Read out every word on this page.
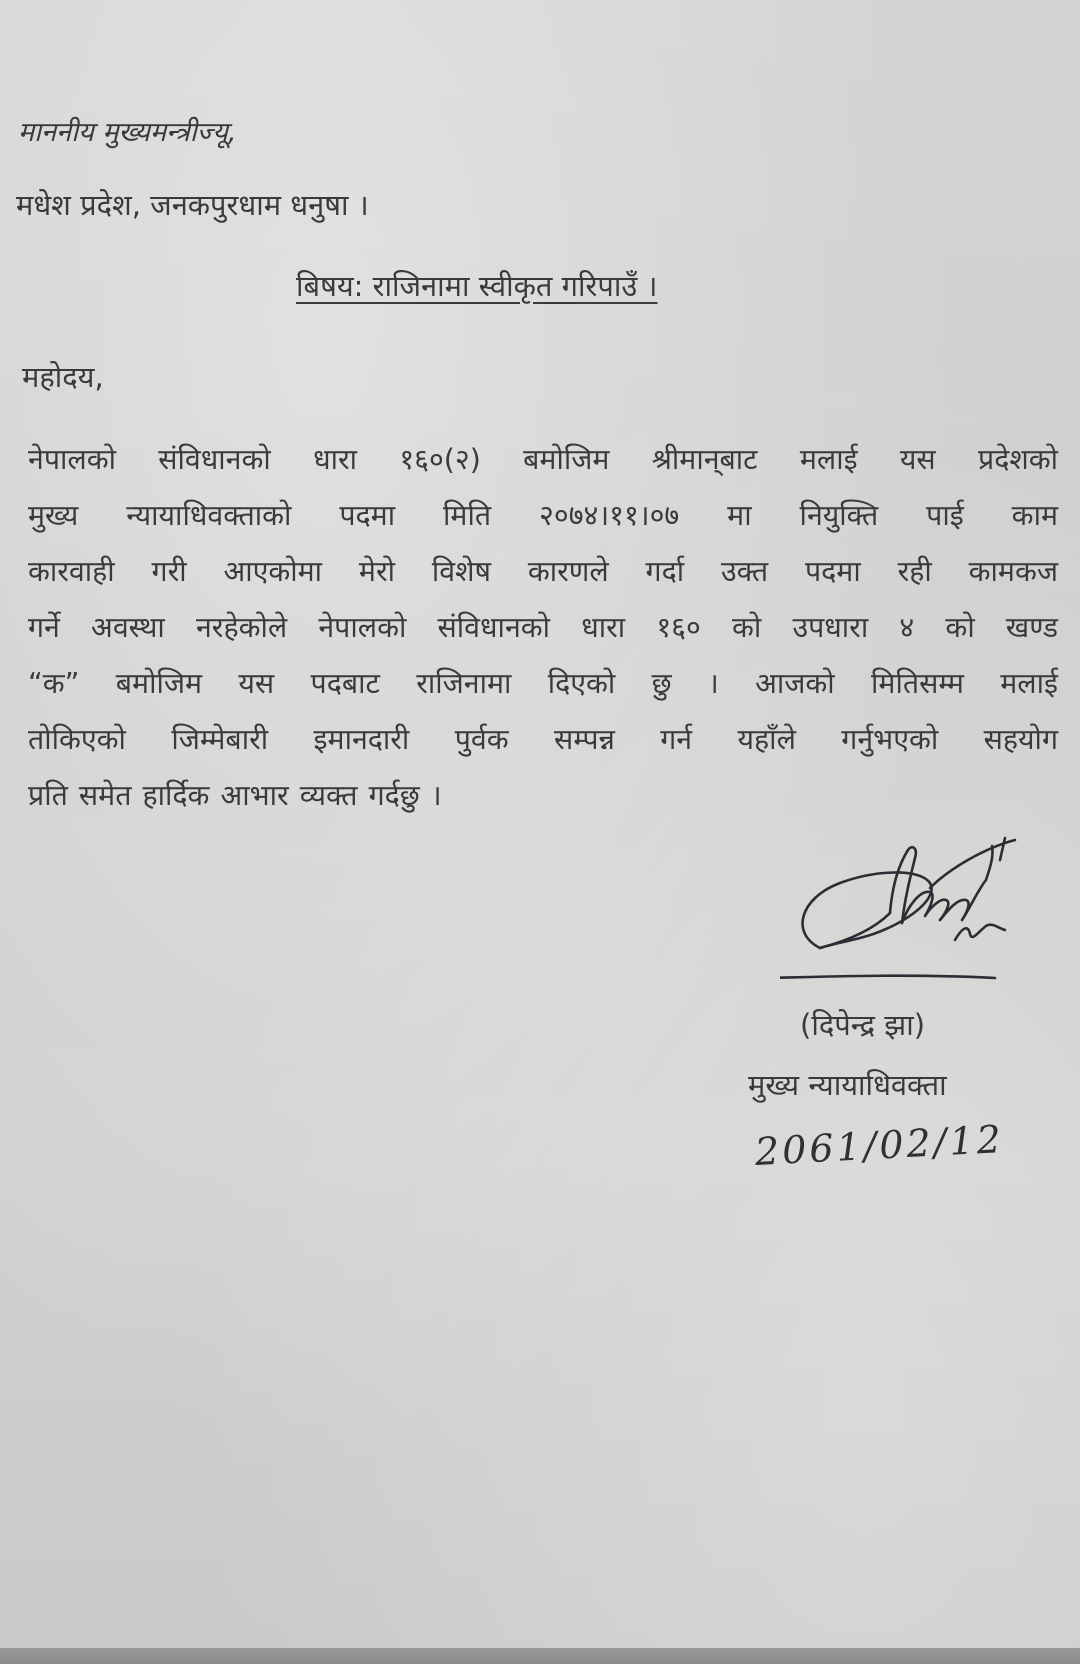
माननीय मुख्यमन्त्रीज्यू,

मधेश प्रदेश, जनकपुरधाम धनुषा ।

बिषय: राजिनामा स्वीकृत गरिपाउँ ।

महोदय,

नेपालको संविधानको धारा १६०(२) बमोजिम श्रीमान्‌बाट मलाई यस प्रदेशको
मुख्य न्यायाधिवक्ताको पदमा मिति २०७४।११।०७ मा नियुक्ति पाई काम
कारवाही गरी आएकोमा मेरो विशेष कारणले गर्दा उक्त पदमा रही कामकज
गर्ने अवस्था नरहेकोले नेपालको संविधानको धारा १६० को उपधारा ४ को खण्ड
“क” बमोजिम यस पदबाट राजिनामा दिएको छु । आजको मितिसम्म मलाई
तोकिएको जिम्मेबारी इमानदारी पुर्वक सम्पन्न गर्न यहाँले गर्नुभएको सहयोग
प्रति समेत हार्दिक आभार व्यक्त गर्दछु ।

(दिपेन्द्र झा)

मुख्य न्यायाधिवक्ता

2061/02/12
